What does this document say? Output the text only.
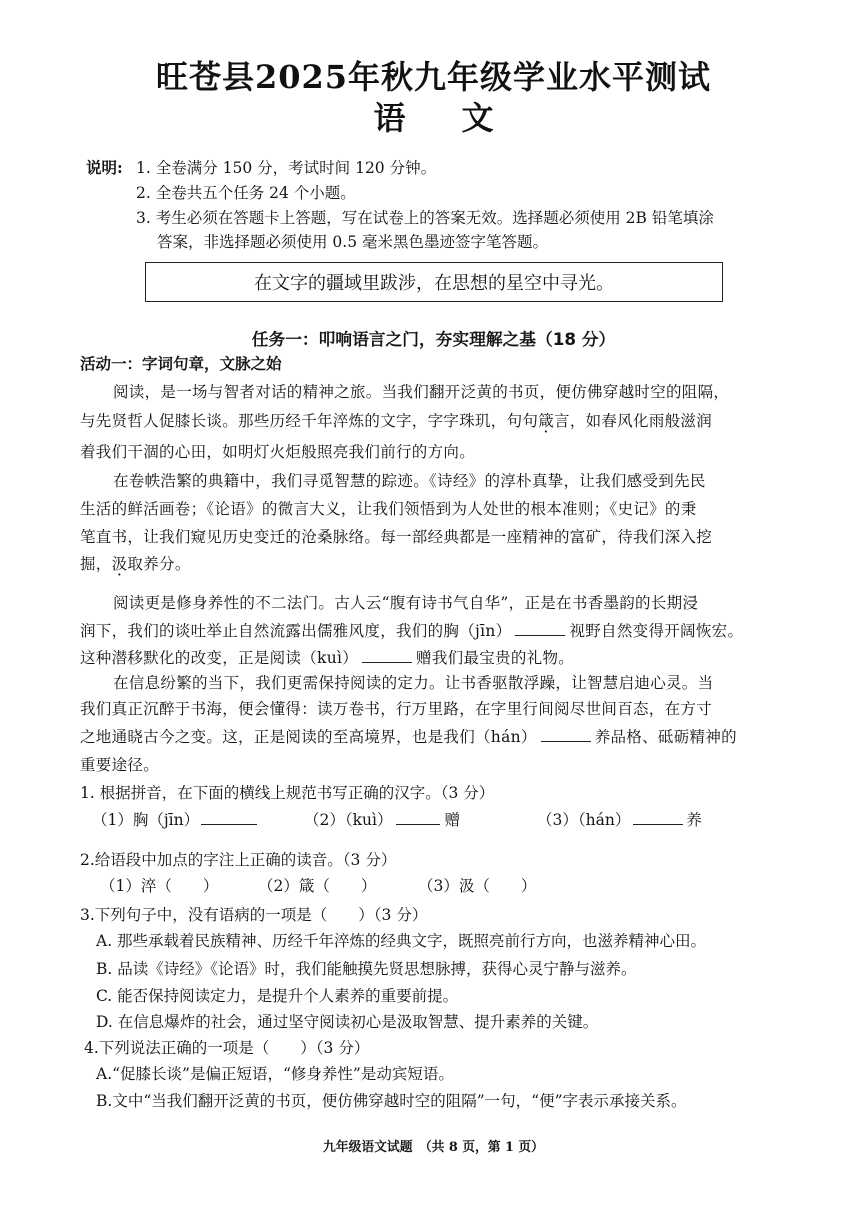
旺苍县2025年秋九年级学业水平测试
语文
说明: 1. 全卷满分 150 分，考试时间 120 分钟。
2. 全卷共五个任务 24 个小题。
3. 考生必须在答题卡上答题，写在试卷上的答案无效。选择题必须使用 2B 铅笔填涂
答案，非选择题必须使用 0.5 毫米黑色墨迹签字笔答题。
在文字的疆域里跋涉，在思想的星空中寻光。
任务一：叩响语言之门，夯实理解之基（18 分）
活动一：字词句章，文脉之始
阅读，是一场与智者对话的精神之旅。当我们翻开泛黄的书页，便仿佛穿越时空的阻隔，
与先贤哲人促膝长谈。那些历经千年淬炼的文字，字字珠玑，句句箴言，如春风化雨般滋润
着我们干涸的心田，如明灯火炬般照亮我们前行的方向。
在卷帙浩繁的典籍中，我们寻觅智慧的踪迹。《诗经》的淳朴真挚，让我们感受到先民
生活的鲜活画卷；《论语》的微言大义，让我们领悟到为人处世的根本准则；《史记》的秉
笔直书，让我们窥见历史变迁的沧桑脉络。每一部经典都是一座精神的富矿，待我们深入挖
掘，汲取养分。
阅读更是修身养性的不二法门。古人云“腹有诗书气自华”，正是在书香墨韵的长期浸
润下，我们的谈吐举止自然流露出儒雅风度，我们的胸（jīn）	视野自然变得开阔恢宏。
这种潜移默化的改变，正是阅读（kuì）	赠我们最宝贵的礼物。
在信息纷繁的当下，我们更需保持阅读的定力。让书香驱散浮躁，让智慧启迪心灵。当
我们真正沉醉于书海，便会懂得：读万卷书，行万里路，在字里行间阅尽世间百态，在方寸
之地通晓古今之变。这，正是阅读的至高境界，也是我们（hán）	养品格、砥砺精神的
重要途径。
1. 根据拼音，在下面的横线上规范书写正确的汉字。（3 分）
（1）胸（jīn）	（2）（kuì）	赠	（3）（hán）	养
2.给语段中加点的字注上正确的读音。（3 分）
（1）淬（　　）	（2）箴（　　）	（3）汲（　　）
3.下列句子中，没有语病的一项是（　　）（3 分）
A. 那些承载着民族精神、历经千年淬炼的经典文字，既照亮前行方向，也滋养精神心田。
B. 品读《诗经》《论语》时，我们能触摸先贤思想脉搏，获得心灵宁静与滋养。
C. 能否保持阅读定力，是提升个人素养的重要前提。
D. 在信息爆炸的社会，通过坚守阅读初心是汲取智慧、提升素养的关键。
4.下列说法正确的一项是（　　）（3 分）
A.“促膝长谈”是偏正短语，“修身养性”是动宾短语。
B.文中“当我们翻开泛黄的书页，便仿佛穿越时空的阻隔”一句，“便”字表示承接关系。
九年级语文试题　（共 8 页，第 1 页）
